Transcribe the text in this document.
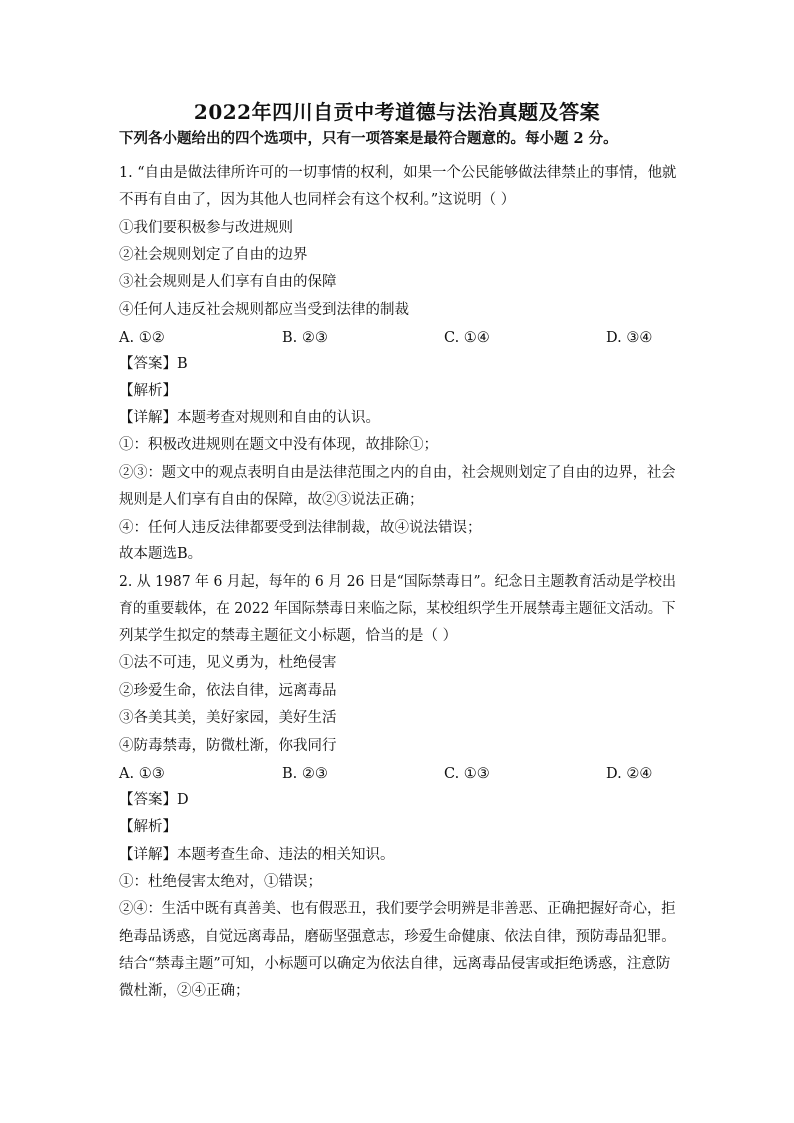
2022年四川自贡中考道德与法治真题及答案
下列各小题给出的四个选项中，只有一项答案是最符合题意的。每小题 2 分。
1. “自由是做法律所许可的一切事情的权利，如果一个公民能够做法律禁止的事情，他就
不再有自由了，因为其他人也同样会有这个权利。”这说明（ ）
①我们要积极参与改进规则
②社会规则划定了自由的边界
③社会规则是人们享有自由的保障
④任何人违反社会规则都应当受到法律的制裁
A. ①②	B. ②③	C. ①④	D. ③④
【答案】B
【解析】
【详解】本题考查对规则和自由的认识。
①：积极改进规则在题文中没有体现，故排除①；
②③：题文中的观点表明自由是法律范围之内的自由，社会规则划定了自由的边界，社会
规则是人们享有自由的保障，故②③说法正确；
④：任何人违反法律都要受到法律制裁，故④说法错误；
故本题选B。
2. 从 1987 年 6 月起，每年的 6 月 26 日是“国际禁毒日”。纪念日主题教育活动是学校出
育的重要载体，在 2022 年国际禁毒日来临之际，某校组织学生开展禁毒主题征文活动。下
列某学生拟定的禁毒主题征文小标题，恰当的是（ ）
①法不可违，见义勇为，杜绝侵害
②珍爱生命，依法自律，远离毒品
③各美其美，美好家园，美好生活
④防毒禁毒，防微杜渐，你我同行
A. ①③	B. ②③	C. ①③	D. ②④
【答案】D
【解析】
【详解】本题考查生命、违法的相关知识。
①：杜绝侵害太绝对，①错误；
②④：生活中既有真善美、也有假恶丑，我们要学会明辨是非善恶、正确把握好奇心，拒
绝毒品诱惑，自觉远离毒品，磨砺坚强意志，珍爱生命健康、依法自律，预防毒品犯罪。
结合“禁毒主题”可知，小标题可以确定为依法自律，远离毒品侵害或拒绝诱惑，注意防
微杜渐，②④正确；
